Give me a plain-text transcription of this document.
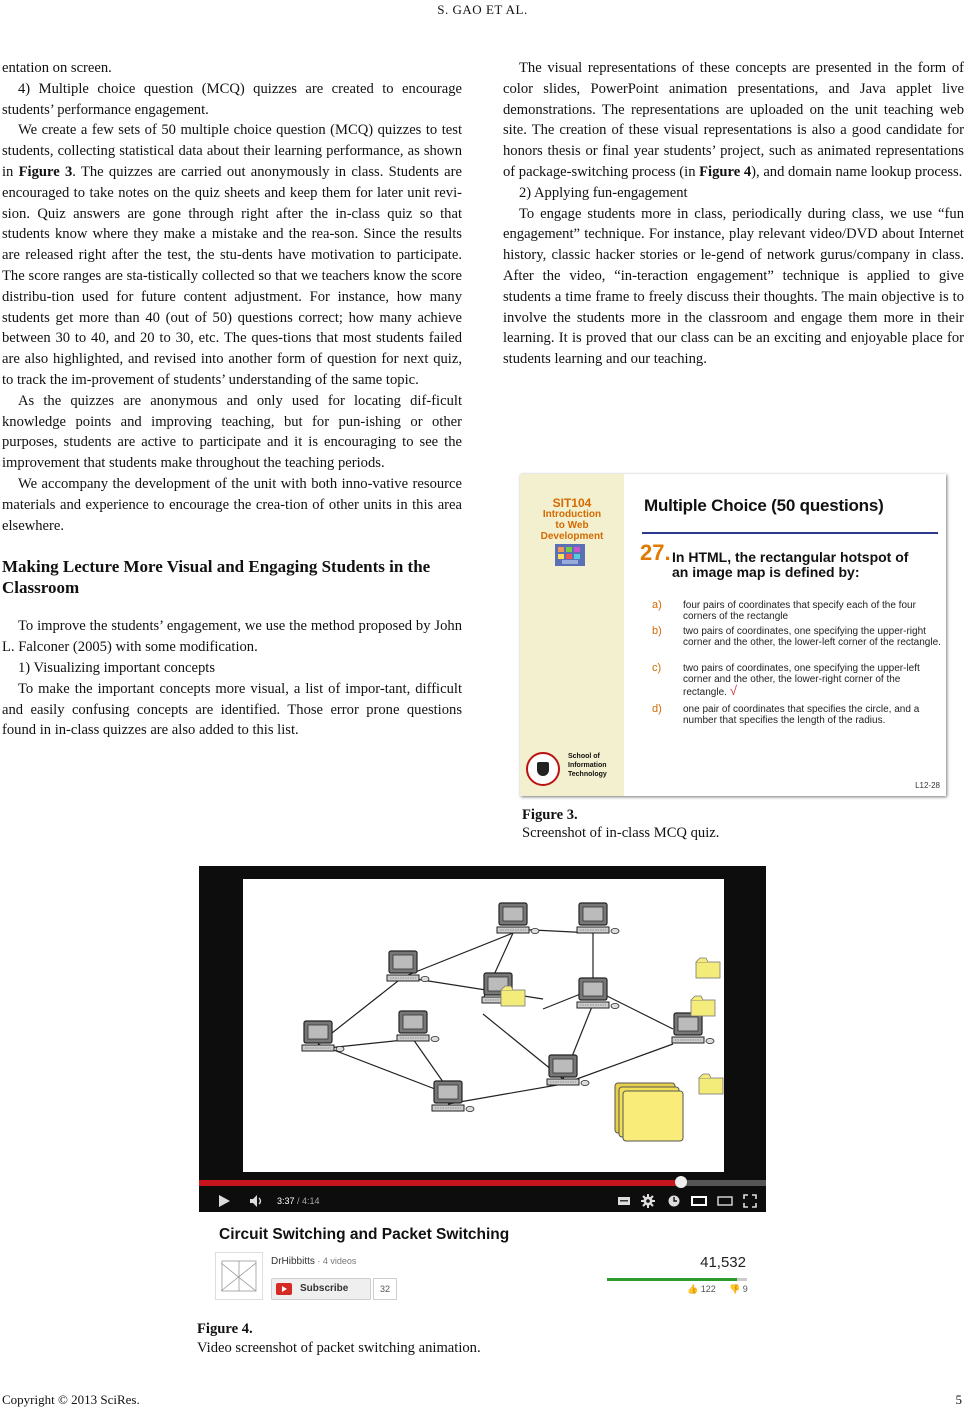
S. GAO ET AL.

entation on screen.

4) Multiple choice question (MCQ) quizzes are created to encourage students’ performance engagement.

We create a few sets of 50 multiple choice question (MCQ) quizzes to test students, collecting statistical data about their learning performance, as shown in Figure 3. The quizzes are carried out anonymously in class. Students are encouraged to take notes on the quiz sheets and keep them for later unit revi-sion. Quiz answers are gone through right after the in-class quiz so that students know where they make a mistake and the rea-son. Since the results are released right after the test, the stu-dents have motivation to participate. The score ranges are sta-tistically collected so that we teachers know the score distribu-tion used for future content adjustment. For instance, how many students get more than 40 (out of 50) questions correct; how many achieve between 30 to 40, and 20 to 30, etc. The ques-tions that most students failed are also highlighted, and revised into another form of question for next quiz, to track the im-provement of students’ understanding of the same topic.

As the quizzes are anonymous and only used for locating dif-ficult knowledge points and improving teaching, but for pun-ishing or other purposes, students are active to participate and it is encouraging to see the improvement that students make throughout the teaching periods.

We accompany the development of the unit with both inno-vative resource materials and experience to encourage the crea-tion of other units in this area elsewhere.

Making Lecture More Visual and Engaging Students in the Classroom

To improve the students’ engagement, we use the method proposed by John L. Falconer (2005) with some modification.

1) Visualizing important concepts

To make the important concepts more visual, a list of impor-tant, difficult and easily confusing concepts are identified. Those error prone questions found in in-class quizzes are also added to this list.

The visual representations of these concepts are presented in the form of color slides, PowerPoint animation presentations, and Java applet live demonstrations. The representations are uploaded on the unit teaching web site. The creation of these visual representations is also a good candidate for honors thesis or final year students’ project, such as animated representations of package-switching process (in Figure 4), and domain name lookup process.

2) Applying fun-engagement

To engage students more in class, periodically during class, we use “fun engagement” technique. For instance, play relevant video/DVD about Internet history, classic hacker stories or le-gend of network gurus/company in class. After the video, “in-teraction engagement” technique is applied to give students a time frame to freely discuss their thoughts. The main objective is to involve the students more in the classroom and engage them more in their learning. It is proved that our class can be an exciting and enjoyable place for students learning and our teaching.

SIT104
Introduction
to Web
Development
School of
Information
Technology
Multiple Choice (50 questions)
27. In HTML, the rectangular hotspot of an image map is defined by:
a) four pairs of coordinates that specify each of the four corners of the rectangle
b) two pairs of coordinates, one specifying the upper-right corner and the other, the lower-left corner of the rectangle.
c) two pairs of coordinates, one specifying the upper-left corner and the other, the lower-right corner of the rectangle. √
d) one pair of coordinates that specifies the circle, and a number that specifies the length of the radius.
L12-28
Figure 3.
Screenshot of in-class MCQ quiz.
3:37 / 4:14
Circuit Switching and Packet Switching
DrHibbitts · 4 videos
Subscribe	32
41,532
👍 122 👎 9
Figure 4.
Video screenshot of packet switching animation.
Copyright © 2013 SciRes.	5
